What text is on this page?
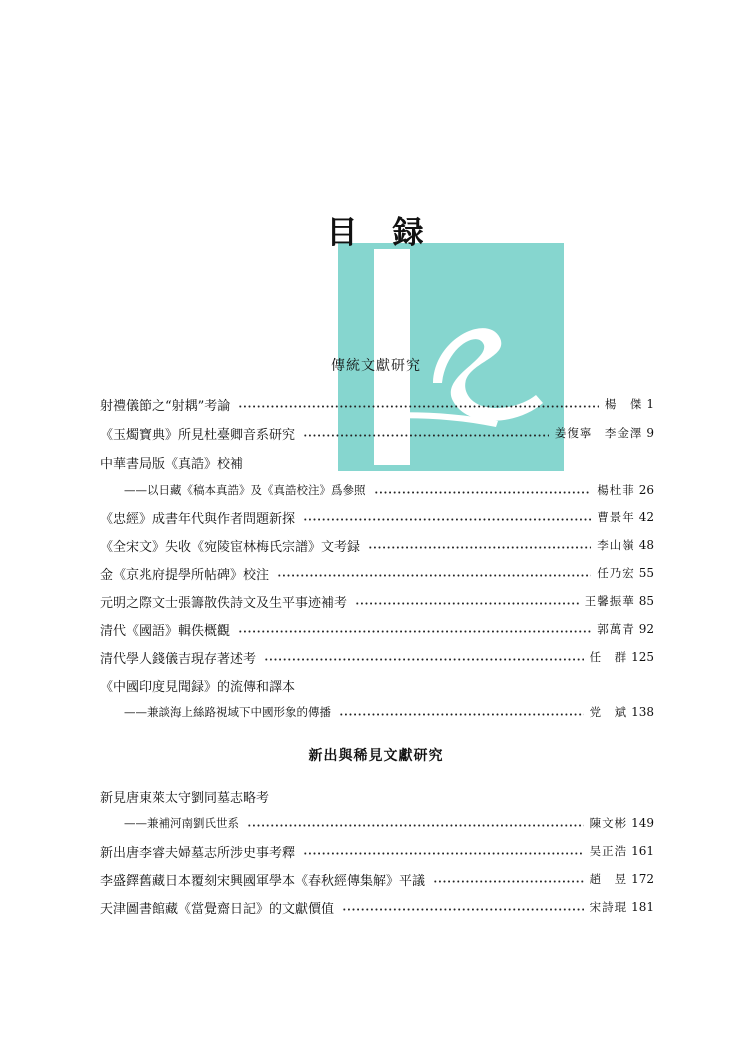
目　録
傳統文獻研究
射禮儀節之“射耦”考論	楊　傑 1
《玉燭寶典》所見杜臺卿音系研究	姜復寧　李金澤 9
中華書局版《真誥》校補
——以日藏《稿本真誥》及《真誥校注》爲參照	楊杜菲 26
《忠經》成書年代與作者問題新探	曹景年 42
《全宋文》失收《宛陵宦林梅氏宗譜》文考録	李山嶺 48
金《京兆府提學所帖碑》校注	任乃宏 55
元明之際文士張籌散佚詩文及生平事迹補考	王馨振華 85
清代《國語》輯佚概觀	郭萬青 92
清代學人錢儀吉現存著述考	任　群 125
《中國印度見聞録》的流傳和譯本
——兼談海上絲路視域下中國形象的傳播	党　斌 138
新出與稀見文獻研究
新見唐東萊太守劉同墓志略考
——兼補河南劉氏世系	陳文彬 149
新出唐李睿夫婦墓志所涉史事考釋	吴正浩 161
李盛鐸舊藏日本覆刻宋興國軍學本《春秋經傳集解》平議	趙　昱 172
天津圖書館藏《當覺齋日記》的文獻價值	宋詩琨 181
